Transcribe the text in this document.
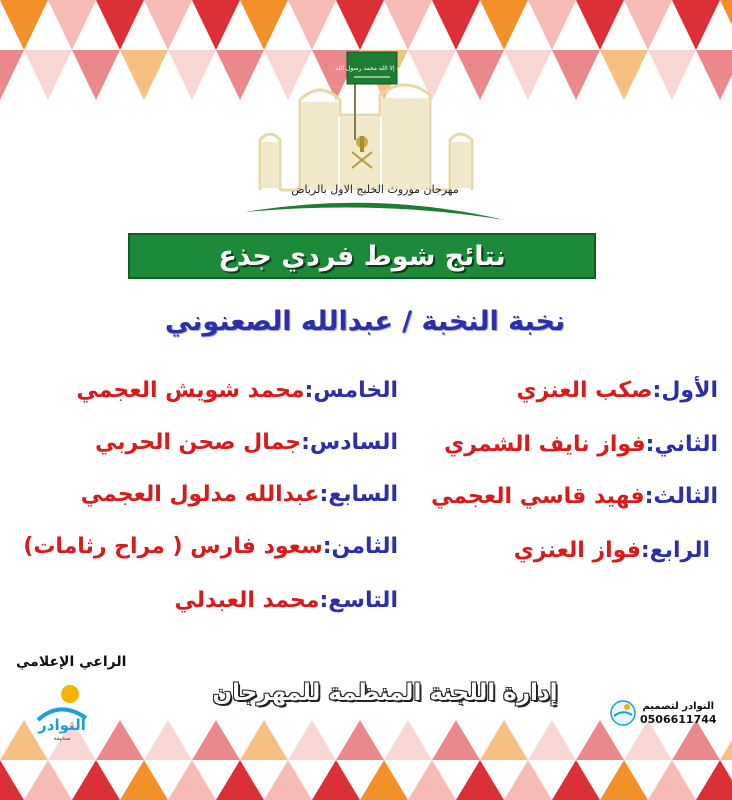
لا إله إلا الله محمد رسول الله
مهرجان موروث الخليج الاول بالرياض
نتائج شوط فردي جذع
نخبة النخبة / عبدالله الصعنوني
الأول:صكب العنزي
الثاني:فواز نايف الشمري
الثالث:فهيد قاسي العجمي
الرابع:فواز العنزي
الخامس:محمد شويش العجمي
السادس:جمال صحن الحربي
السابع:عبدالله مدلول العجمي
الثامن:سعود فارس ( مراح رثامات)
التاسع:محمد العبدلي
الراعي الإعلامي
النوادر
صحيفة
إدارة اللجنة المنظمة للمهرجان
النوادر لتصميم
0506611744
